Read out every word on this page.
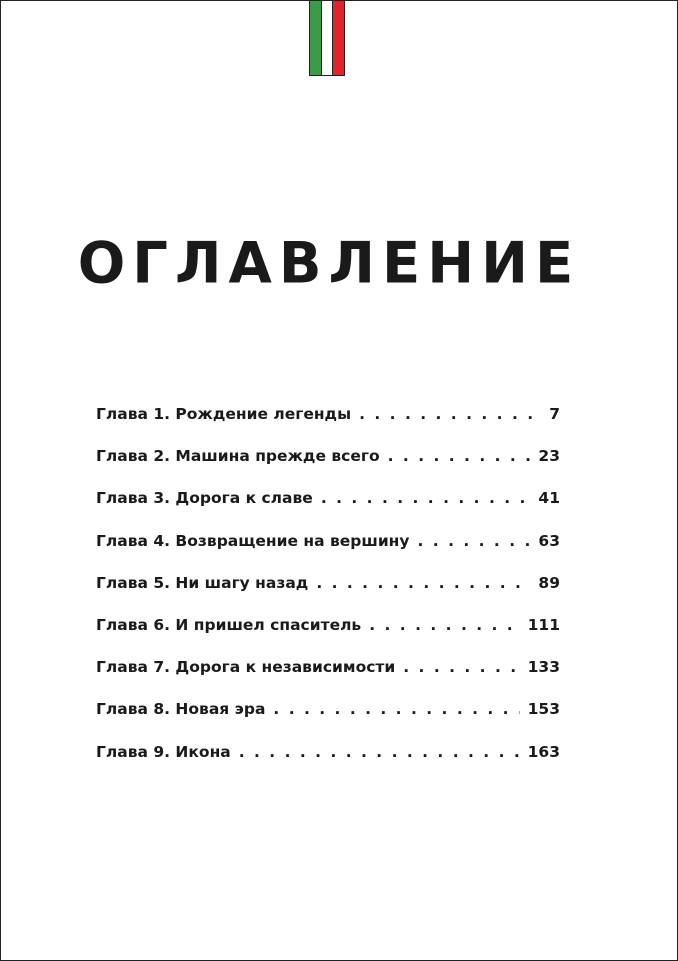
ОГЛАВЛЕНИЕ
Глава 1. Рождение легенды . . .	7
Глава 2. Машина прежде всего . . .	23
Глава 3. Дорога к славе . . .	41
Глава 4. Возвращение на вершину . . .	63
Глава 5. Ни шагу назад . . .	89
Глава 6. И пришел спаситель . . .	111
Глава 7. Дорога к независимости . . .	133
Глава 8. Новая эра . . .	153
Глава 9. Икона . . .	163
